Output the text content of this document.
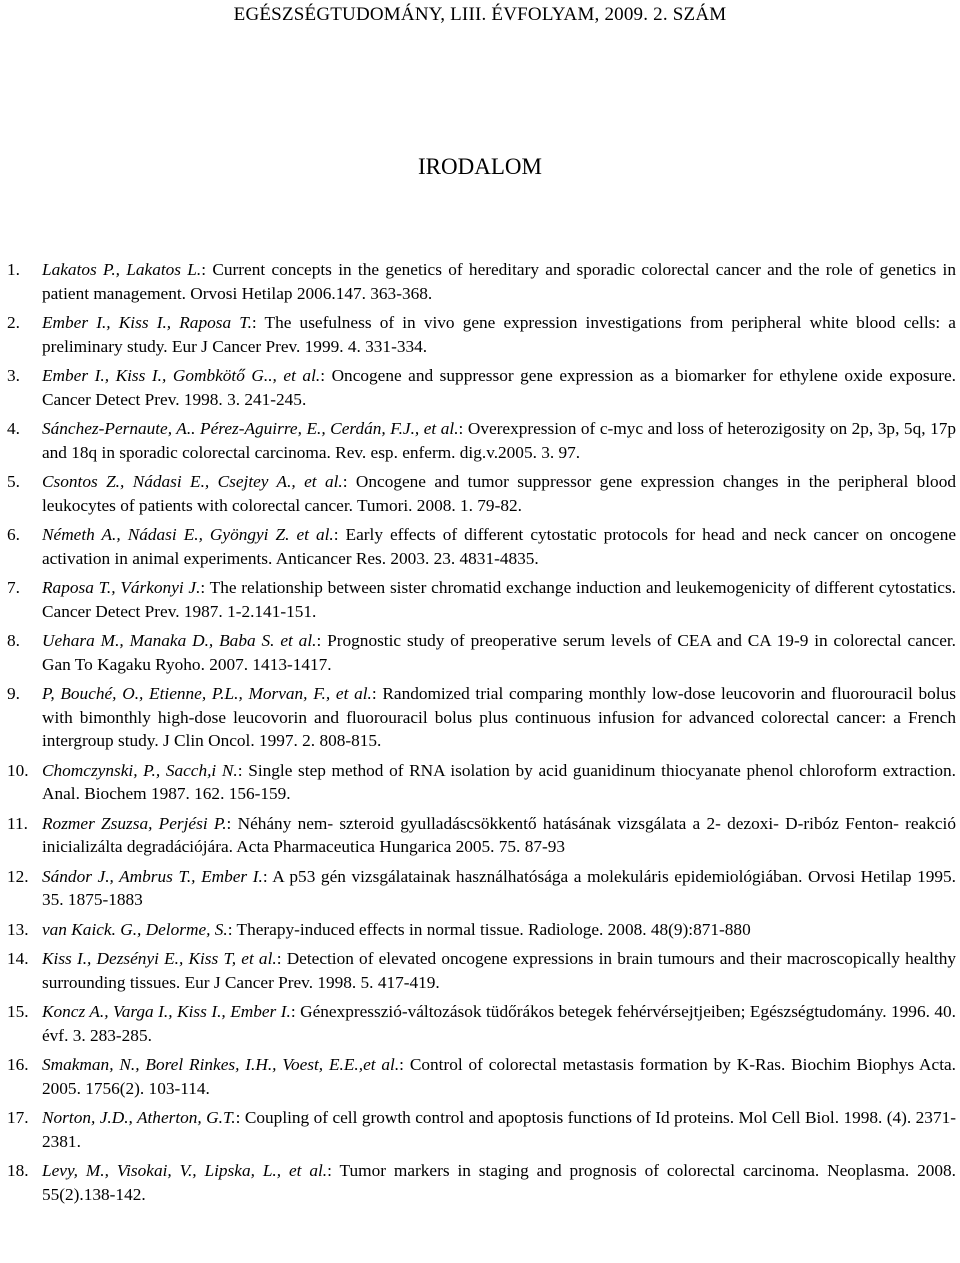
EGÉSZSÉGTUDOMÁNY, LIII. ÉVFOLYAM, 2009. 2. SZÁM
IRODALOM
1.	Lakatos P., Lakatos L.: Current concepts in the genetics of hereditary and sporadic colorectal cancer and the role of genetics in patient management. Orvosi Hetilap 2006.147. 363-368.
2.	Ember I., Kiss I., Raposa T.: The usefulness of in vivo gene expression investigations from peripheral white blood cells: a preliminary study. Eur J Cancer Prev. 1999. 4. 331-334.
3.	Ember I., Kiss I., Gombkötő G.., et al.: Oncogene and suppressor gene expression as a biomarker for ethylene oxide exposure. Cancer Detect Prev. 1998. 3. 241-245.
4.	Sánchez-Pernaute, A.. Pérez-Aguirre, E., Cerdán, F.J., et al.: Overexpression of c-myc and loss of heterozigosity on 2p, 3p, 5q, 17p and 18q in sporadic colorectal carcinoma. Rev. esp. enferm. dig.v.2005. 3. 97.
5.	Csontos Z., Nádasi E., Csejtey A., et al.: Oncogene and tumor suppressor gene expression changes in the peripheral blood leukocytes of patients with colorectal cancer. Tumori. 2008. 1. 79-82.
6.	Németh A., Nádasi E., Gyöngyi Z. et al.: Early effects of different cytostatic protocols for head and neck cancer on oncogene activation in animal experiments. Anticancer Res. 2003. 23. 4831-4835.
7.	Raposa T., Várkonyi J.: The relationship between sister chromatid exchange induction and leukemogenicity of different cytostatics. Cancer Detect Prev. 1987. 1-2.141-151.
8.	Uehara M., Manaka D., Baba S. et al.: Prognostic study of preoperative serum levels of CEA and CA 19-9 in colorectal cancer. Gan To Kagaku Ryoho. 2007. 1413-1417.
9.	P, Bouché, O., Etienne, P.L., Morvan, F., et al.: Randomized trial comparing monthly low-dose leucovorin and fluorouracil bolus with bimonthly high-dose leucovorin and fluorouracil bolus plus continuous infusion for advanced colorectal cancer: a French intergroup study. J Clin Oncol. 1997. 2. 808-815.
10. Chomczynski, P., Sacch,i N.: Single step method of RNA isolation by acid guanidinum thiocyanate phenol chloroform extraction. Anal. Biochem 1987. 162. 156-159.
11. Rozmer Zsuzsa, Perjési P.: Néhány nem- szteroid gyulladáscsökkentő hatásának vizsgálata a 2- dezoxi- D-ribóz Fenton- reakció inicializálta degradációjára. Acta Pharmaceutica Hungarica 2005. 75. 87-93
12. Sándor J., Ambrus T., Ember I.: A p53 gén vizsgálatainak használhatósága a molekuláris epidemiológiában. Orvosi Hetilap 1995. 35. 1875-1883
13. van Kaick. G., Delorme, S.: Therapy-induced effects in normal tissue. Radiologe. 2008. 48(9):871-880
14. Kiss I., Dezsényi E., Kiss T, et al.: Detection of elevated oncogene expressions in brain tumours and their macroscopically healthy surrounding tissues. Eur J Cancer Prev. 1998. 5. 417-419.
15. Koncz A., Varga I., Kiss I., Ember I.: Génexpresszió-változások tüdőrákos betegek fehérvérsejtjeiben; Egészségtudomány. 1996. 40. évf. 3. 283-285.
16. Smakman, N., Borel Rinkes, I.H., Voest, E.E.,et al.: Control of colorectal metastasis formation by K-Ras. Biochim Biophys Acta. 2005. 1756(2). 103-114.
17. Norton, J.D., Atherton, G.T.: Coupling of cell growth control and apoptosis functions of Id proteins. Mol Cell Biol. 1998. (4). 2371-2381.
18. Levy, M., Visokai, V., Lipska, L., et al.: Tumor markers in staging and prognosis of colorectal carcinoma. Neoplasma. 2008. 55(2).138-142.
